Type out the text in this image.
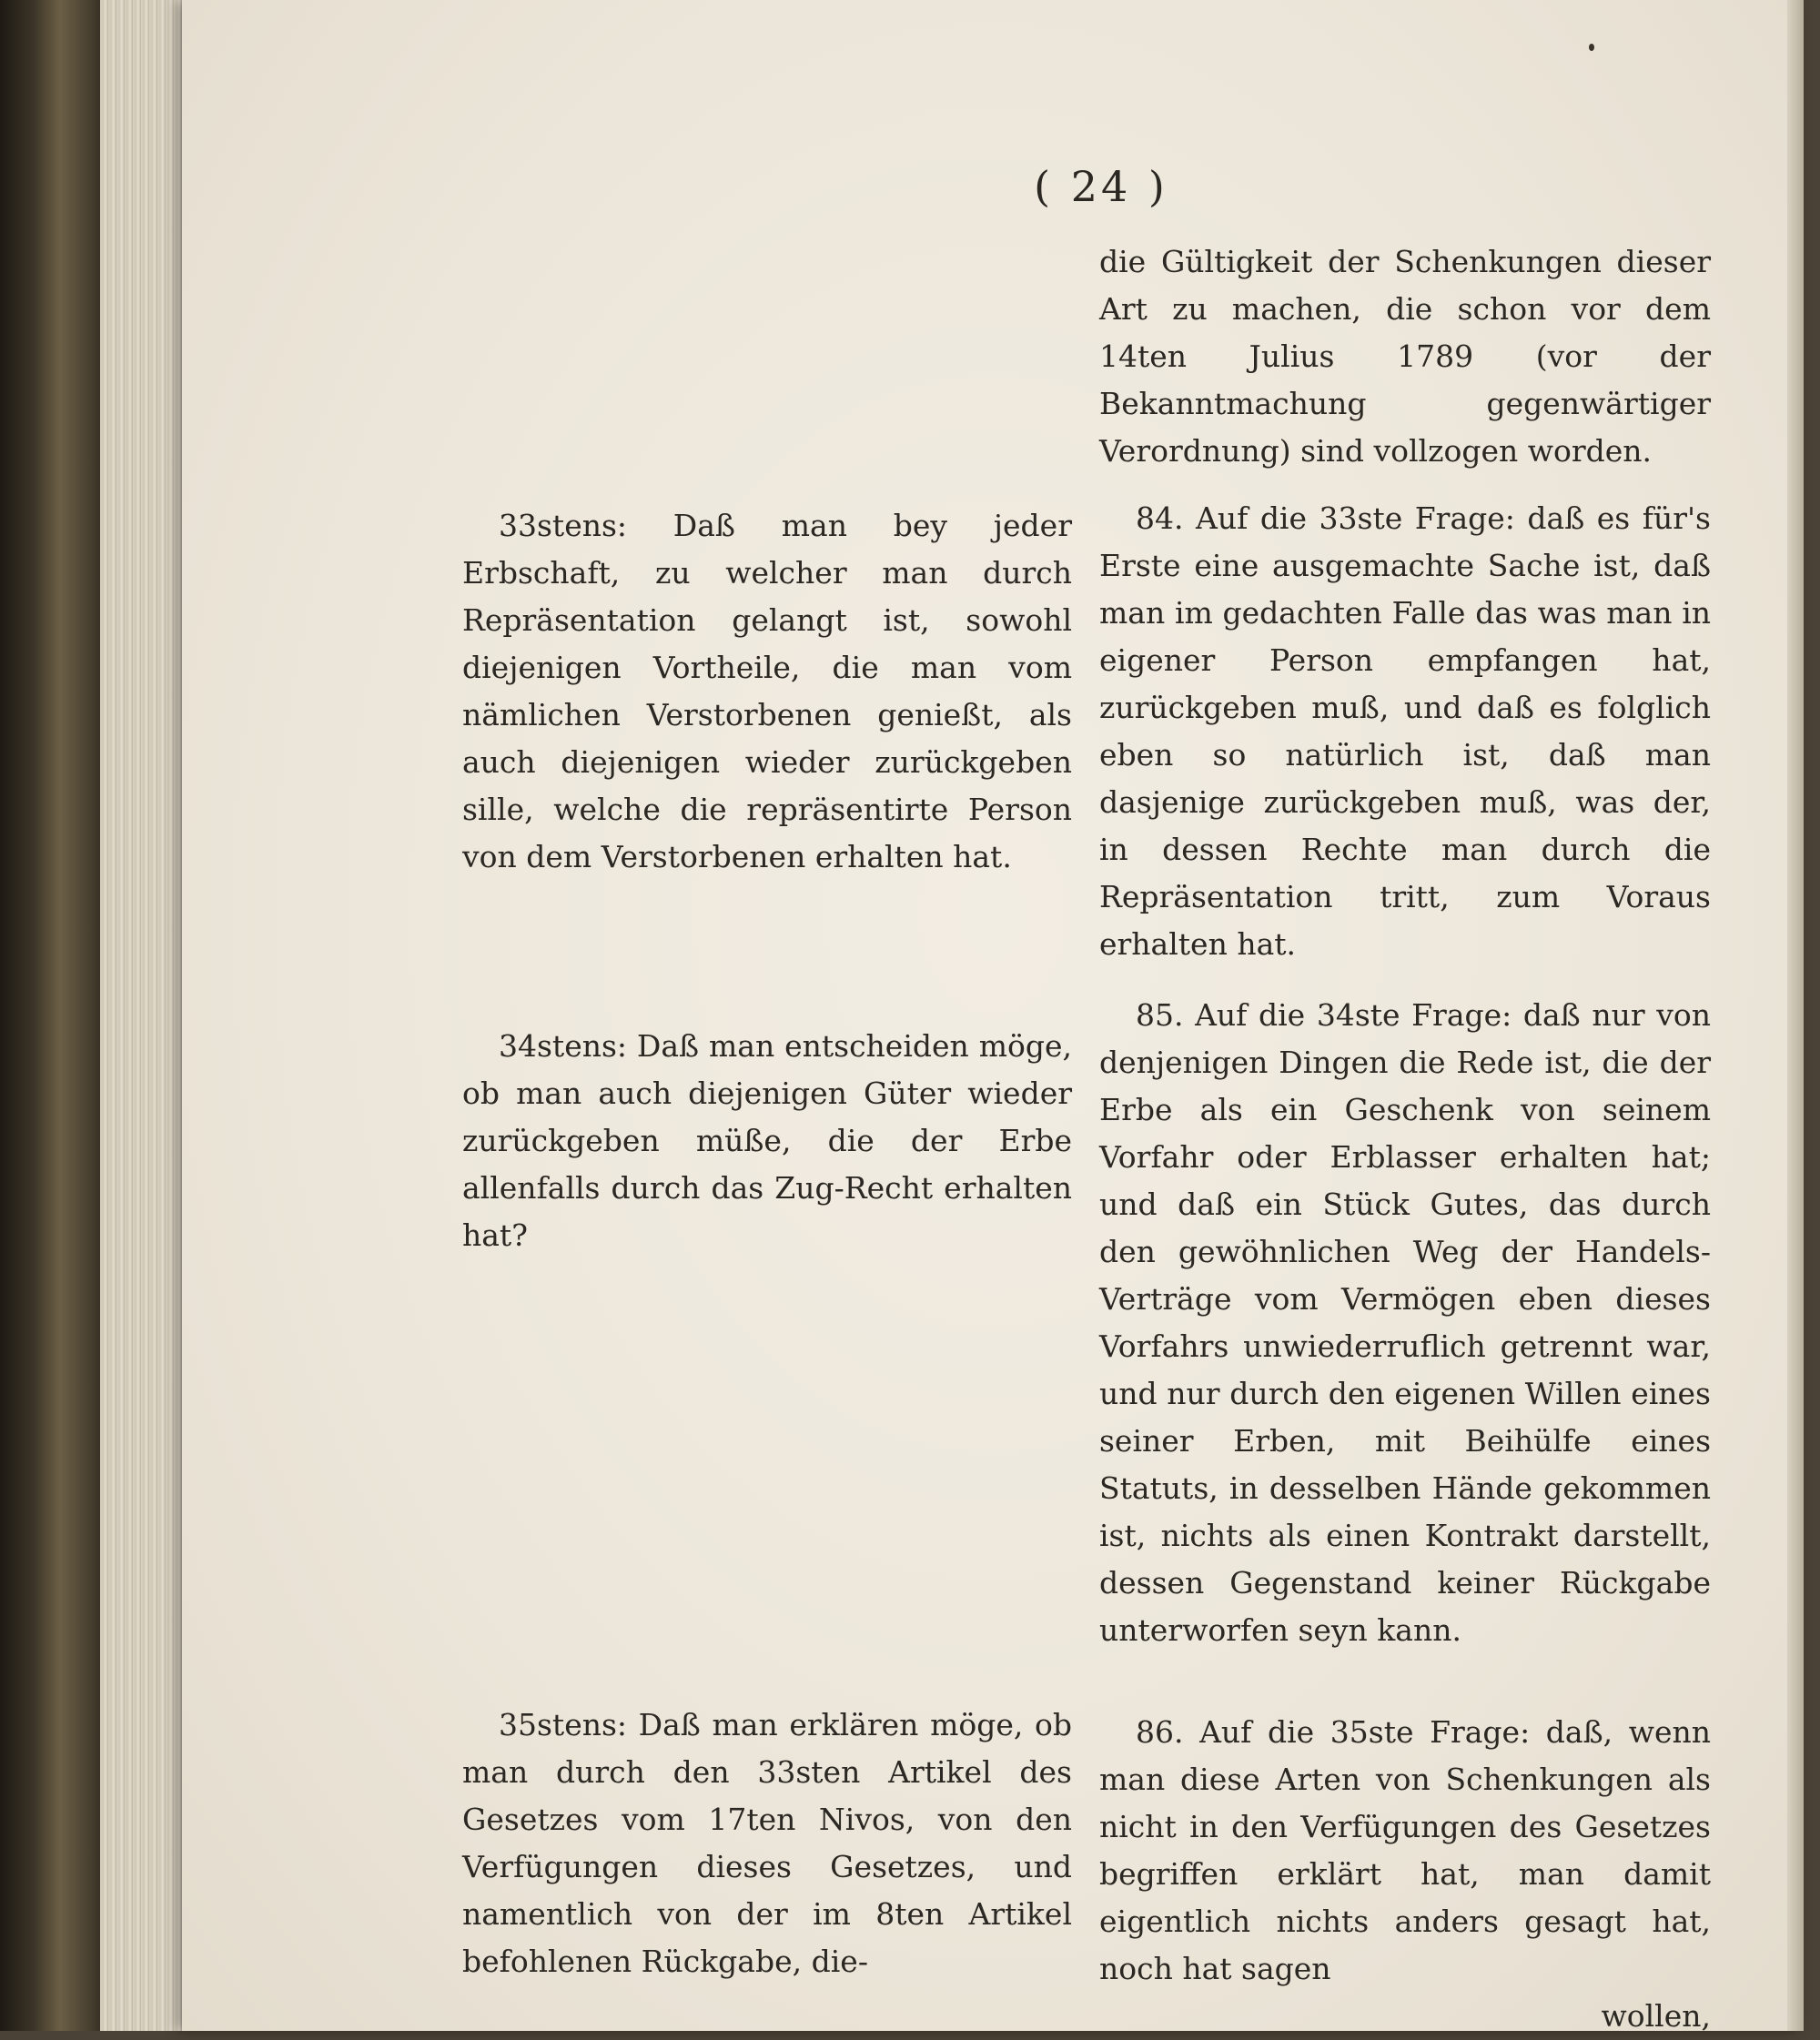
( 24 )

33stens: Daß man bey jeder Erbschaft, zu welcher man durch Repräsentation gelangt ist, sowohl diejenigen Vortheile, die man vom nämlichen Verstorbenen genießt, als auch diejenigen wieder zurückgeben sille, welche die repräsentirte Person von dem Verstorbenen erhalten hat.

34stens: Daß man entscheiden möge, ob man auch diejenigen Güter wieder zurückgeben müße, die der Erbe allenfalls durch das Zug-Recht erhalten hat?

35stens: Daß man erklären möge, ob man durch den 33sten Artikel des Gesetzes vom 17ten Nivos, von den Verfügungen dieses Gesetzes, und namentlich von der im 8ten Artikel befohlenen Rückgabe, die-

die Gültigkeit der Schenkungen dieser Art zu machen, die schon vor dem 14ten Julius 1789 (vor der Bekanntmachung gegenwärtiger Verordnung) sind vollzogen worden.

84. Auf die 33ste Frage: daß es für's Erste eine ausgemachte Sache ist, daß man im gedachten Falle das was man in eigener Person empfangen hat, zurückgeben muß, und daß es folglich eben so natürlich ist, daß man dasjenige zurückgeben muß, was der, in dessen Rechte man durch die Repräsentation tritt, zum Voraus erhalten hat.

85. Auf die 34ste Frage: daß nur von denjenigen Dingen die Rede ist, die der Erbe als ein Geschenk von seinem Vorfahr oder Erblasser erhalten hat; und daß ein Stück Gutes, das durch den gewöhnlichen Weg der Handels-Verträge vom Vermögen eben dieses Vorfahrs unwiederruflich getrennt war, und nur durch den eigenen Willen eines seiner Erben, mit Beihülfe eines Statuts, in desselben Hände gekommen ist, nichts als einen Kontrakt darstellt, dessen Gegenstand keiner Rückgabe unterworfen seyn kann.

86. Auf die 35ste Frage: daß, wenn man diese Arten von Schenkungen als nicht in den Verfügungen des Gesetzes begriffen erklärt hat, man damit eigentlich nichts anders gesagt hat, noch hat sagen

wollen,
